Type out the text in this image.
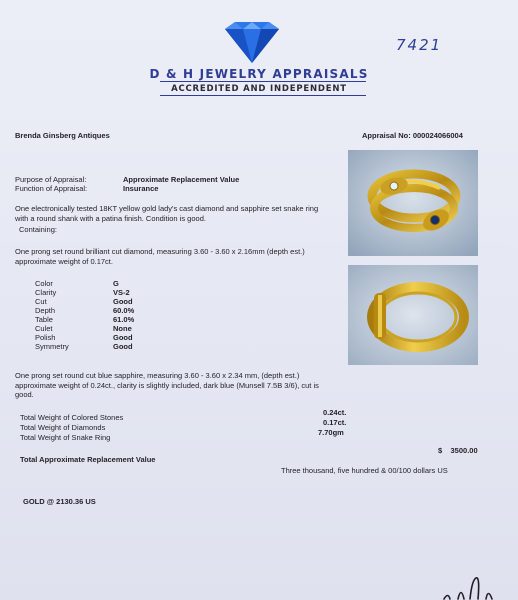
7421
D & H JEWELRY APPRAISALS
ACCREDITED AND INDEPENDENT
Brenda Ginsberg Antiques	Appraisal No: 000024066004
Purpose of Appraisal:	Approximate Replacement Value
Function of Appraisal:	Insurance
One electronically tested 18KT yellow gold lady's cast diamond and sapphire set snake ring with a round shank with a patina finish. Condition is good.
Containing:
One prong set round brilliant cut diamond, measuring 3.60 - 3.60 x 2.16mm (depth est.) approximate weight of 0.17ct.
Color	G
Clarity	VS-2
Cut	Good
Depth	60.0%
Table	61.0%
Culet	None
Polish	Good
Symmetry	Good
One prong set round cut blue sapphire, measuring 3.60 - 3.60 x 2.34 mm, (depth est.) approximate weight of 0.24ct., clarity is slightly included, dark blue (Munsell 7.5B 3/6), cut is good.
Total Weight of Colored Stones
0.24ct.
Total Weight of Diamonds
0.17ct.
Total Weight of Snake Ring
7.70gm
$    3500.00
Total Approximate Replacement Value
Three thousand, five hundred & 00/100 dollars US
GOLD @ 2130.36 US
